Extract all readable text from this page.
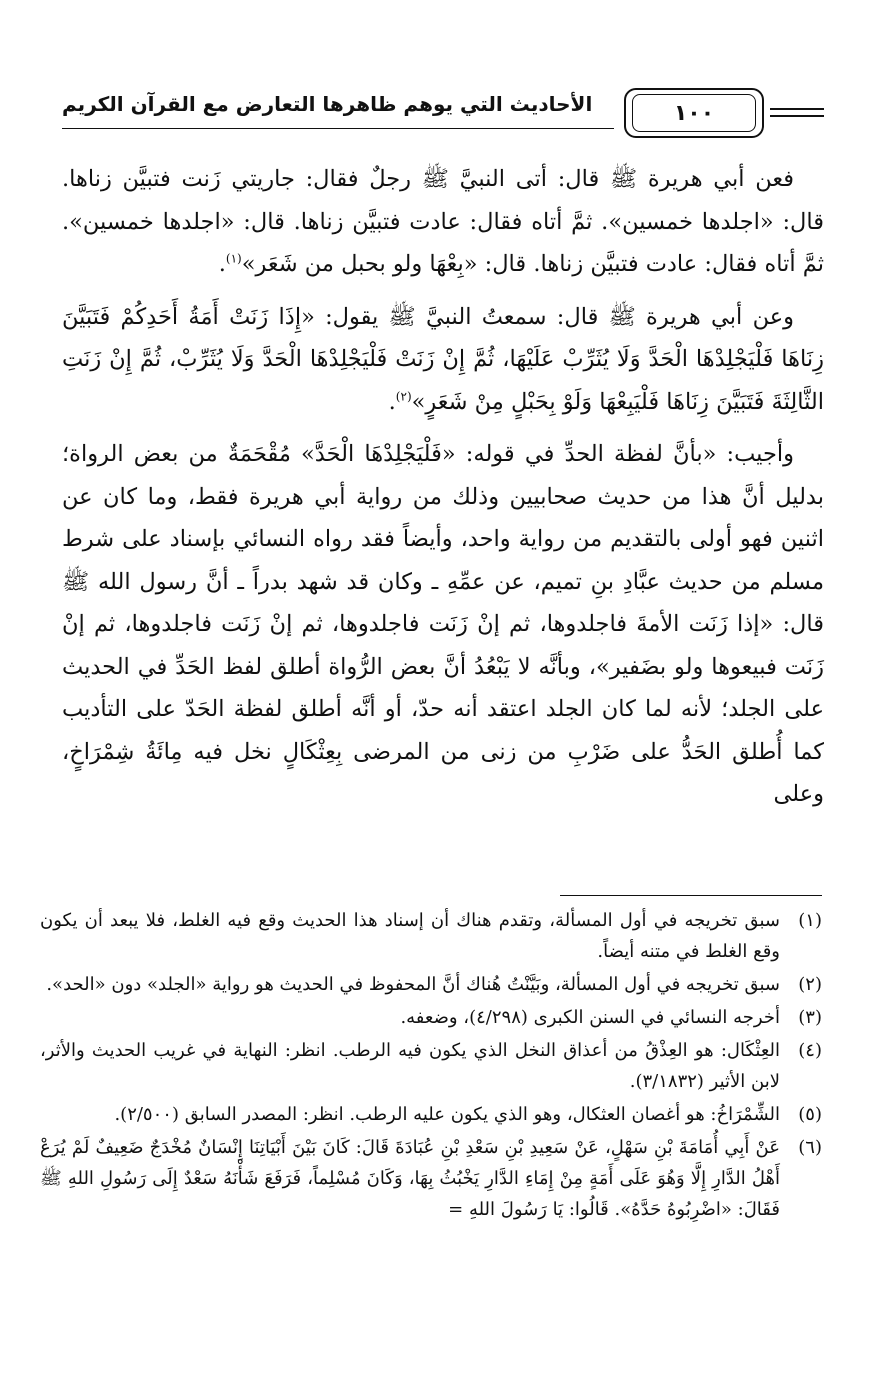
الأحاديث التي يوهم ظاهرها التعارض مع القرآن الكريم	١٠٠

فعن أبي هريرة ﷺ قال: أتى النبيَّ ﷺ رجلٌ فقال: جاريتي زَنت فتبيَّن زناها. قال: «اجلدها خمسين». ثمَّ أتاه فقال: عادت فتبيَّن زناها. قال: «اجلدها خمسين». ثمَّ أتاه فقال: عادت فتبيَّن زناها. قال: «بِعْهَا ولو بحبل من شَعَر»$^{(١)}$.

وعن أبي هريرة ﷺ قال: سمعتُ النبيَّ ﷺ يقول: «إِذَا زَنَتْ أَمَةُ أَحَدِكُمْ فَتَبَيَّنَ زِنَاهَا فَلْيَجْلِدْهَا الْحَدَّ وَلَا يُثَرِّبْ عَلَيْهَا، ثُمَّ إِنْ زَنَتْ فَلْيَجْلِدْهَا الْحَدَّ وَلَا يُثَرِّبْ، ثُمَّ إِنْ زَنَتِ الثَّالِثَةَ فَتَبَيَّنَ زِنَاهَا فَلْيَبِعْهَا وَلَوْ بِحَبْلٍ مِنْ شَعَرٍ»$^{(٢)}$.

وأجيب: «بأنَّ لفظة الحدِّ في قوله: «فَلْيَجْلِدْهَا الْحَدَّ» مُقْحَمَةٌ من بعض الرواة؛ بدليل أنَّ هذا من حديث صحابيين وذلك من رواية أبي هريرة فقط، وما كان عن اثنين فهو أولى بالتقديم من رواية واحد، وأيضاً فقد رواه النسائي بإسناد على شرط مسلم من حديث عبَّادِ بنِ تميم، عن عمِّهِ ـ وكان قد شهد بدراً ـ أنَّ رسول الله ﷺ قال: «إذا زَنَت الأمةَ فاجلدوها، ثم إنْ زَنَت فاجلدوها، ثم إنْ زَنَت فاجلدوها، ثم إنْ زَنَت فبيعوها ولو بضَفير»، وبأنَّه لا يَبْعُدُ أنَّ بعض الرُّواة أطلق لفظ الحَدِّ في الحديث على الجلد؛ لأنه لما كان الجلد اعتقد أنه حدّ، أو أنَّه أطلق لفظة الحَدّ على التأديب كما أُطلق الحَدُّ على ضَرْبِ من زنى من المرضى بِعِثْكَالٍ نخل فيه مِائَةُ شِمْرَاخٍ، وعلى

(١)
سبق تخريجه في أول المسألة، وتقدم هناك أن إسناد هذا الحديث وقع فيه الغلط، فلا يبعد أن يكون وقع الغلط في متنه أيضاً.
(٢)
سبق تخريجه في أول المسألة، وبَيَّنْتُ هُناك أنَّ المحفوظ في الحديث هو رواية «الجلد» دون «الحد».
(٣)
أخرجه النسائي في السنن الكبرى (٤/٢٩٨)، وضعفه.
(٤)
العِثْكَال: هو العِذْقُ من أعذاق النخل الذي يكون فيه الرطب. انظر: النهاية في غريب الحديث والأثر، لابن الأثير (٣/١٨٣٢).
(٥)
الشِّمْرَاخُ: هو أغصان العثكال، وهو الذي يكون عليه الرطب. انظر: المصدر السابق (٢/٥٠٠).
(٦)
عَنْ أَبِي أُمَامَةَ بْنِ سَهْلٍ، عَنْ سَعِيدِ بْنِ سَعْدِ بْنِ عُبَادَةَ قَالَ: كَانَ بَيْنَ أَبْيَاتِنَا إِنْسَانٌ مُخْدَجٌ ضَعِيفٌ لَمْ يُرَعْ أَهْلُ الدَّارِ إِلَّا وَهُوَ عَلَى أَمَةٍ مِنْ إِمَاءِ الدَّارِ يَخْبُثُ بِهَا، وَكَانَ مُسْلِماً، فَرَفَعَ شَأْنَهُ سَعْدٌ إِلَى رَسُولِ اللهِ ﷺ فَقَالَ: «اضْرِبُوهُ حَدَّهُ». قَالُوا: يَا رَسُولَ اللهِ =
